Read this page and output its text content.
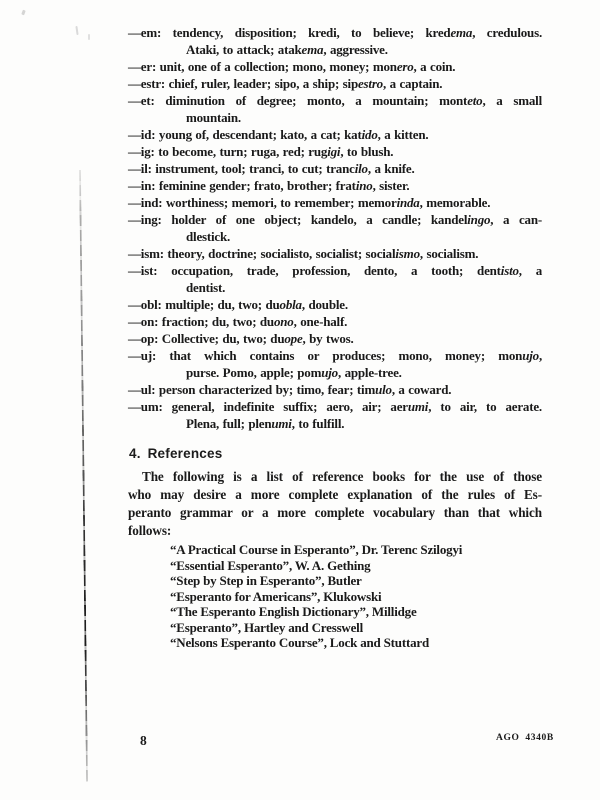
—em: tendency, disposition; kredi, to believe; kredema, credulous.
Ataki, to attack; atakema, aggressive.
—er: unit, one of a collection; mono, money; monero, a coin.
—estr: chief, ruler, leader; sipo, a ship; sipestro, a captain.
—et: diminution of degree; monto, a mountain; monteto, a small
mountain.
—id: young of, descendant; kato, a cat; katido, a kitten.
—ig: to become, turn; ruga, red; rugigi, to blush.
—il: instrument, tool; tranci, to cut; trancilo, a knife.
—in: feminine gender; frato, brother; fratino, sister.
—ind: worthiness; memori, to remember; memorinda, memorable.
—ing: holder of one object; kandelo, a candle; kandelingo, a can-
dlestick.
—ism: theory, doctrine; socialisto, socialist; socialismo, socialism.
—ist: occupation, trade, profession, dento, a tooth; dentisto, a
dentist.
—obl: multiple; du, two; duobla, double.
—on: fraction; du, two; duono, one-half.
—op: Collective; du, two; duope, by twos.
—uj: that which contains or produces; mono, money; monujo,
purse. Pomo, apple; pomujo, apple-tree.
—ul: person characterized by; timo, fear; timulo, a coward.
—um: general, indefinite suffix; aero, air; aerumi, to air, to aerate.
Plena, full; plenumi, to fulfill.
4. References
The following is a list of reference books for the use of those
who may desire a more complete explanation of the rules of Es-
peranto grammar or a more complete vocabulary than that which
follows:
“A Practical Course in Esperanto”, Dr. Terenc Szilogyi
“Essential Esperanto”, W. A. Gething
“Step by Step in Esperanto”, Butler
“Esperanto for Americans”, Klukowski
“The Esperanto English Dictionary”, Millidge
“Esperanto”, Hartley and Cresswell
“Nelsons Esperanto Course”, Lock and Stuttard
8	AGO 4340B
